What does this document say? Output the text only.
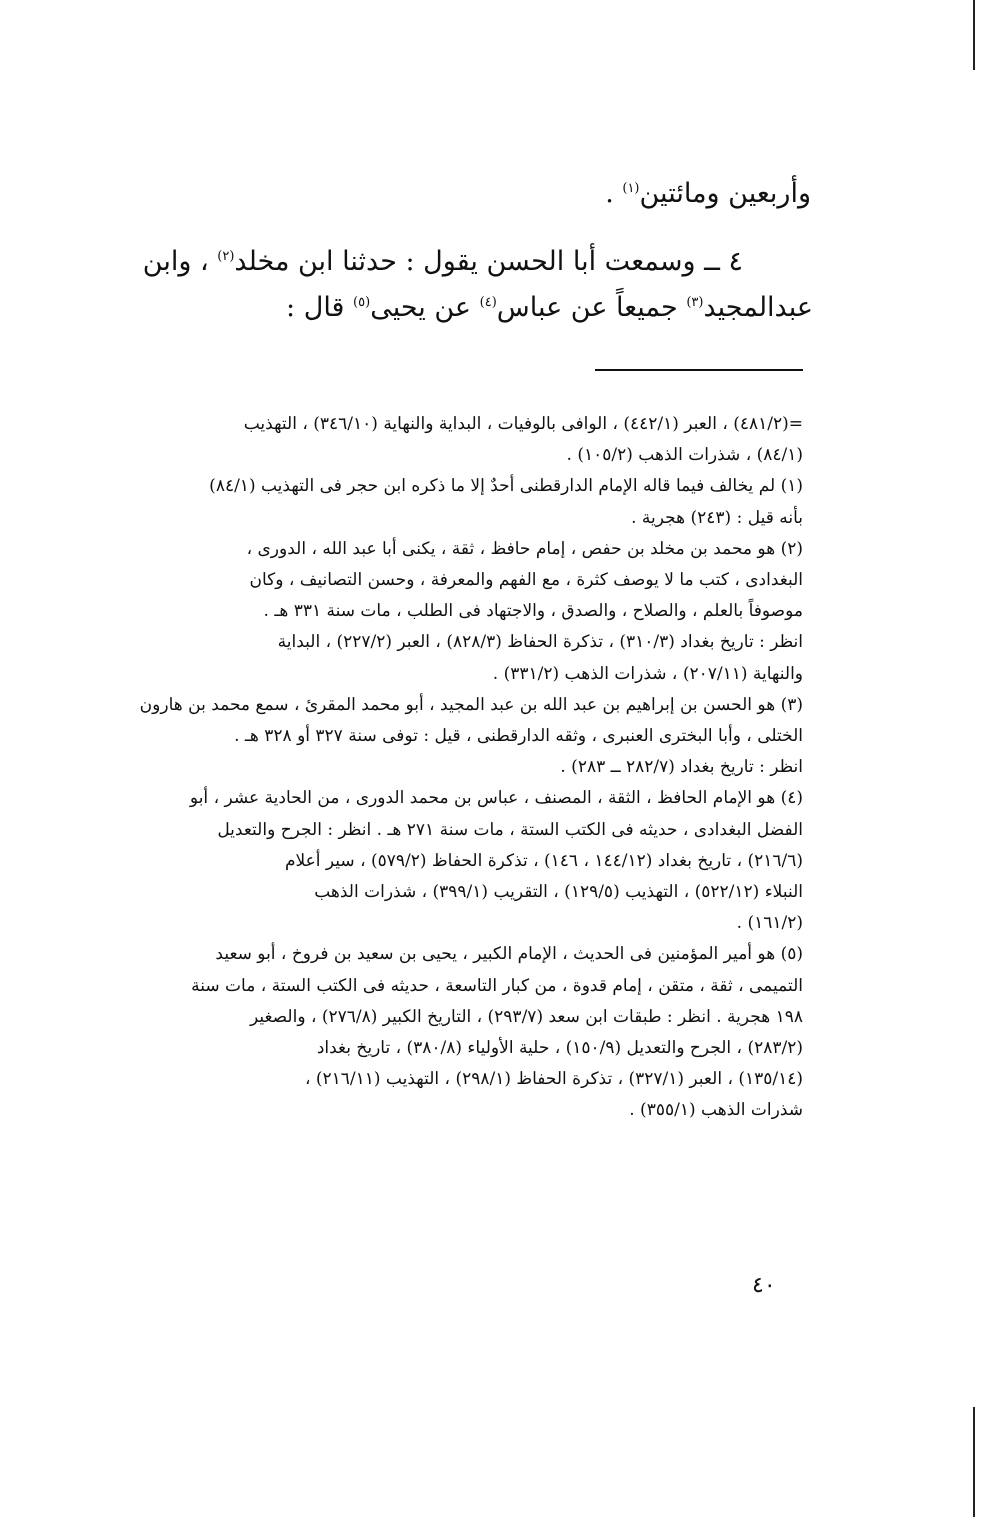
وأربعين ومائتين$^{(١)}$ .

٤ ــ وسمعت أبا الحسن يقول : حدثنا ابن مخلد$^{(٢)}$ ، وابن

عبدالمجيد$^{(٣)}$ جميعاً عن عباس$^{(٤)}$ عن يحيى$^{(٥)}$ قال :

=(٤٨١/٢) ، العبر (٤٤٢/١) ، الوافى بالوفيات ، البداية والنهاية (٣٤٦/١٠) ، التهذيب

(٨٤/١) ، شذرات الذهب (١٠٥/٢) .

(١) لم يخالف فيما قاله الإمام الدارقطنى أحدٌ إلا ما ذكره ابن حجر فى التهذيب (٨٤/١)

بأنه قيل : (٢٤٣) هجرية .

(٢) هو محمد بن مخلد بن حفص ، إمام حافظ ، ثقة ، يكنى أبا عبد الله ، الدورى ،

البغدادى ، كتب ما لا يوصف كثرة ، مع الفهم والمعرفة ، وحسن التصانيف ، وكان

موصوفاً بالعلم ، والصلاح ، والصدق ، والاجتهاد فى الطلب ، مات سنة ٣٣١ هـ .

انظر : تاريخ بغداد (٣١٠/٣) ، تذكرة الحفاظ (٨٢٨/٣) ، العبر (٢٢٧/٢) ، البداية

والنهاية (٢٠٧/١١) ، شذرات الذهب (٣٣١/٢) .

(٣) هو الحسن بن إبراهيم بن عبد الله بن عبد المجيد ، أبو محمد المقرئ ، سمع محمد بن هارون

الختلى ، وأبا البخترى العنبرى ، وثقه الدارقطنى ، قيل : توفى سنة ٣٢٧ أو ٣٢٨ هـ .

انظر : تاريخ بغداد (٢٨٢/٧ ــ ٢٨٣) .

(٤) هو الإمام الحافظ ، الثقة ، المصنف ، عباس بن محمد الدورى ، من الحادية عشر ، أبو

الفضل البغدادى ، حديثه فى الكتب الستة ، مات سنة ٢٧١ هـ . انظر : الجرح والتعديل

(٢١٦/٦) ، تاريخ بغداد (١٤٤/١٢ ، ١٤٦) ، تذكرة الحفاظ (٥٧٩/٢) ، سير أعلام

النبلاء (٥٢٢/١٢) ، التهذيب (١٢٩/٥) ، التقريب (٣٩٩/١) ، شذرات الذهب

(١٦١/٢) .

(٥) هو أمير المؤمنين فى الحديث ، الإمام الكبير ، يحيى بن سعيد بن فروخ ، أبو سعيد

التميمى ، ثقة ، متقن ، إمام قدوة ، من كبار التاسعة ، حديثه فى الكتب الستة ، مات سنة

١٩٨ هجرية . انظر : طبقات ابن سعد (٢٩٣/٧) ، التاريخ الكبير (٢٧٦/٨) ، والصغير

(٢٨٣/٢) ، الجرح والتعديل (١٥٠/٩) ، حلية الأولياء (٣٨٠/٨) ، تاريخ بغداد

(١٣٥/١٤) ، العبر (٣٢٧/١) ، تذكرة الحفاظ (٢٩٨/١) ، التهذيب (٢١٦/١١) ،

شذرات الذهب (٣٥٥/١) .

٤٠
